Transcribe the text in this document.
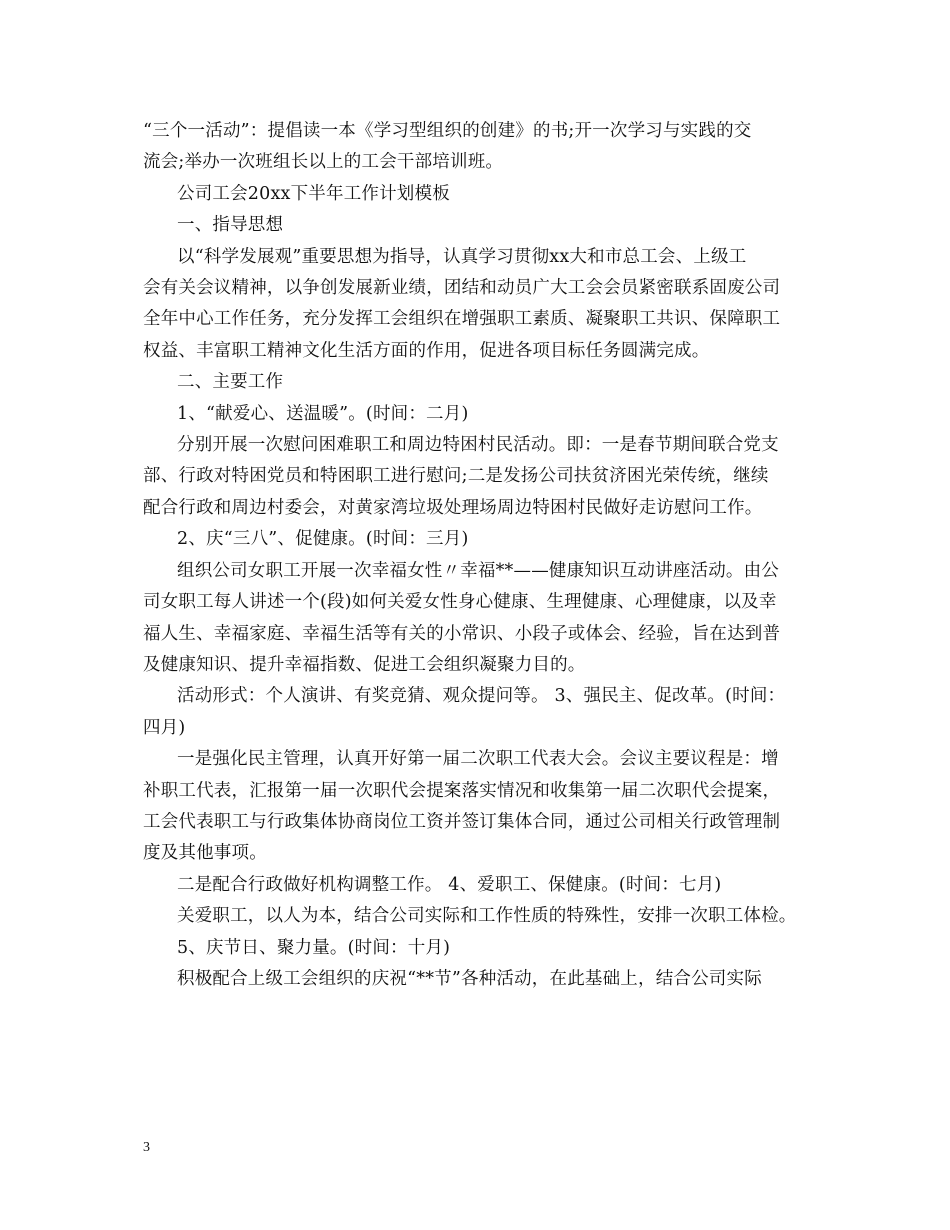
“三个一活动”：提倡读一本《学习型组织的创建》的书;开一次学习与实践的交
流会;举办一次班组长以上的工会干部培训班。
公司工会20xx下半年工作计划模板
一、指导思想
以“科学发展观”重要思想为指导，认真学习贯彻xx大和市总工会、上级工
会有关会议精神，以争创发展新业绩，团结和动员广大工会会员紧密联系固废公司
全年中心工作任务，充分发挥工会组织在增强职工素质、凝聚职工共识、保障职工
权益、丰富职工精神文化生活方面的作用，促进各项目标任务圆满完成。
二、主要工作
1、“献爱心、送温暖”。(时间：二月)
分别开展一次慰问困难职工和周边特困村民活动。即：一是春节期间联合党支
部、行政对特困党员和特困职工进行慰问;二是发扬公司扶贫济困光荣传统，继续
配合行政和周边村委会，对黄家湾垃圾处理场周边特困村民做好走访慰问工作。
2、庆“三八”、促健康。(时间：三月)
组织公司女职工开展一次幸福女性〃幸福**——健康知识互动讲座活动。由公
司女职工每人讲述一个(段)如何关爱女性身心健康、生理健康、心理健康，以及幸
福人生、幸福家庭、幸福生活等有关的小常识、小段子或体会、经验，旨在达到普
及健康知识、提升幸福指数、促进工会组织凝聚力目的。
活动形式：个人演讲、有奖竞猜、观众提问等。 3、强民主、促改革。(时间：
四月)
一是强化民主管理，认真开好第一届二次职工代表大会。会议主要议程是：增
补职工代表，汇报第一届一次职代会提案落实情况和收集第一届二次职代会提案，
工会代表职工与行政集体协商岗位工资并签订集体合同，通过公司相关行政管理制
度及其他事项。
二是配合行政做好机构调整工作。 4、爱职工、保健康。(时间：七月)
关爱职工，以人为本，结合公司实际和工作性质的特殊性，安排一次职工体检。
5、庆节日、聚力量。(时间：十月)
积极配合上级工会组织的庆祝“**节”各种活动，在此基础上，结合公司实际
3
